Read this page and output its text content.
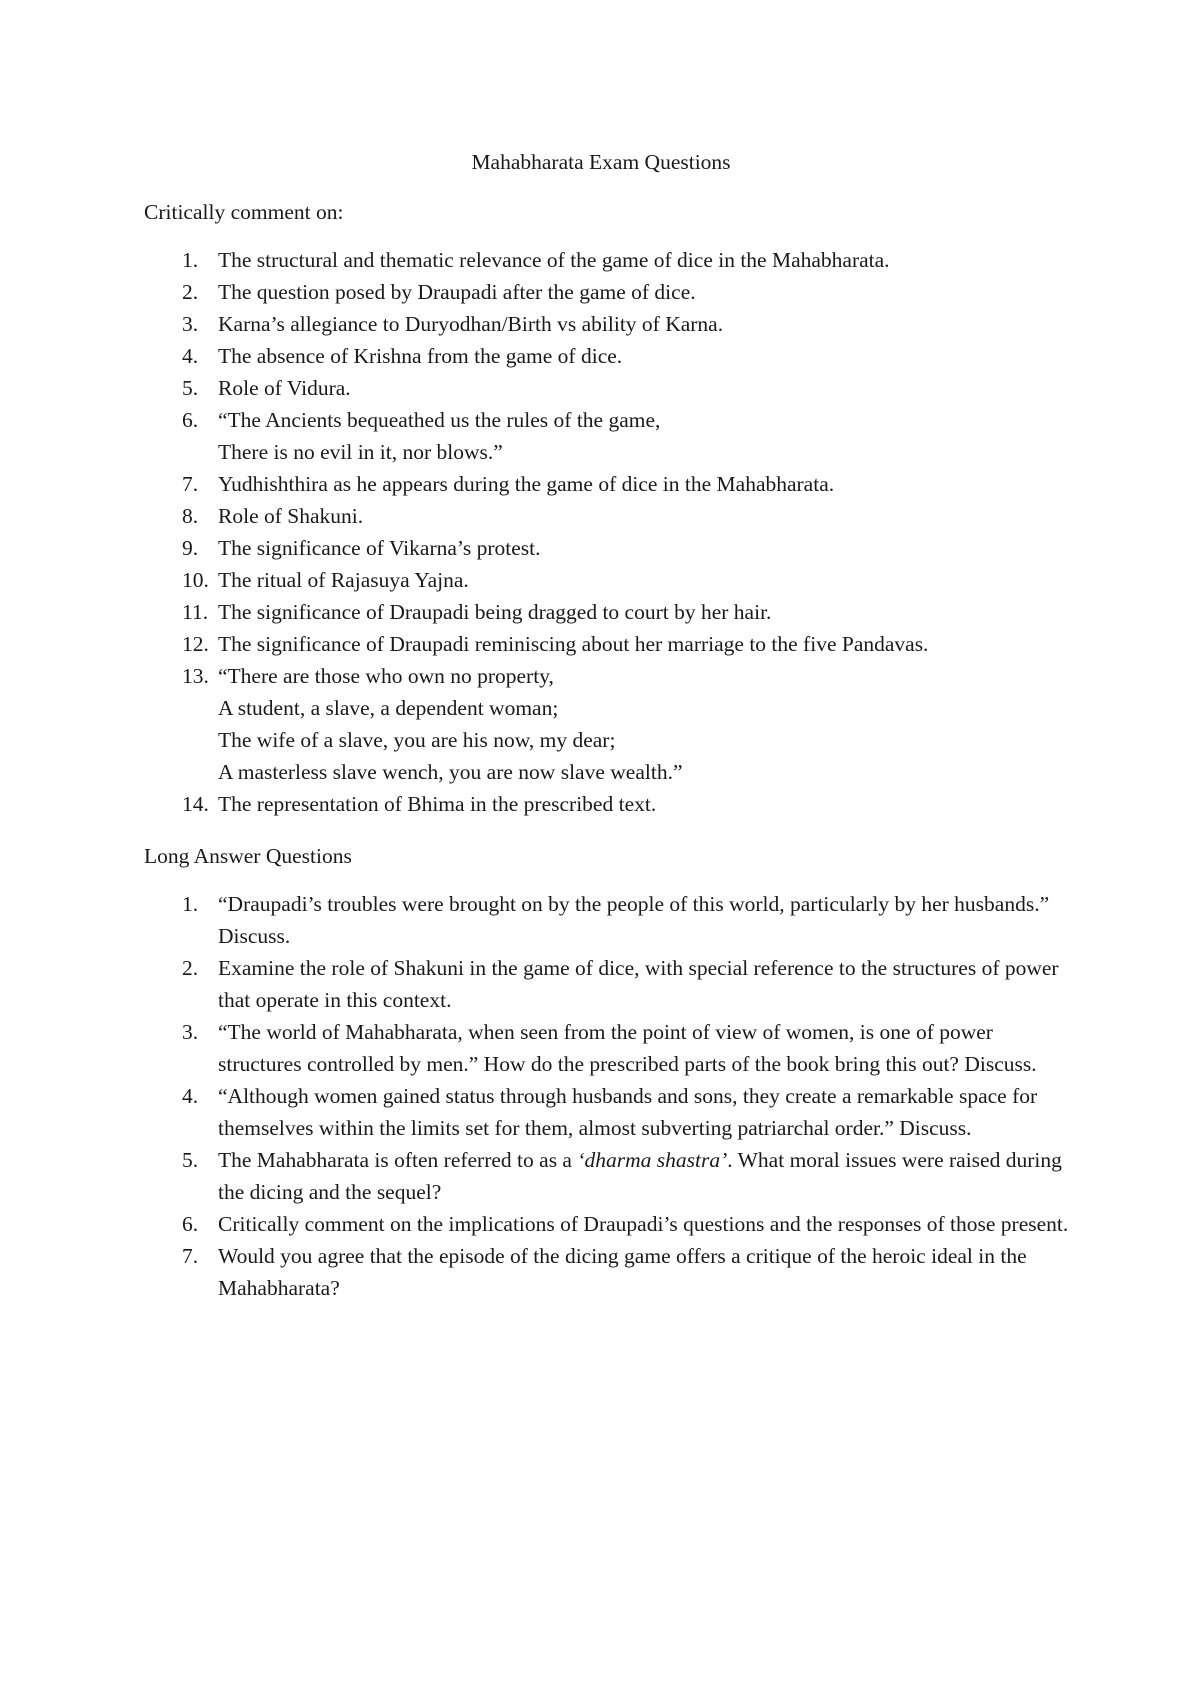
Mahabharata Exam Questions
Critically comment on:
1. The structural and thematic relevance of the game of dice in the Mahabharata.
2. The question posed by Draupadi after the game of dice.
3. Karna’s allegiance to Duryodhan/Birth vs ability of Karna.
4. The absence of Krishna from the game of dice.
5. Role of Vidura.
6. “The Ancients bequeathed us the rules of the game,
There is no evil in it, nor blows.”
7. Yudhishthira as he appears during the game of dice in the Mahabharata.
8. Role of Shakuni.
9. The significance of Vikarna’s protest.
10. The ritual of Rajasuya Yajna.
11. The significance of Draupadi being dragged to court by her hair.
12. The significance of Draupadi reminiscing about her marriage to the five Pandavas.
13. “There are those who own no property,
A student, a slave, a dependent woman;
The wife of a slave, you are his now, my dear;
A masterless slave wench, you are now slave wealth.”
14. The representation of Bhima in the prescribed text.
Long Answer Questions
1. “Draupadi’s troubles were brought on by the people of this world, particularly by her husbands.” Discuss.
2. Examine the role of Shakuni in the game of dice, with special reference to the structures of power that operate in this context.
3. “The world of Mahabharata, when seen from the point of view of women, is one of power structures controlled by men.” How do the prescribed parts of the book bring this out? Discuss.
4. “Although women gained status through husbands and sons, they create a remarkable space for themselves within the limits set for them, almost subverting patriarchal order.” Discuss.
5. The Mahabharata is often referred to as a ‘dharma shastra’. What moral issues were raised during the dicing and the sequel?
6. Critically comment on the implications of Draupadi’s questions and the responses of those present.
7. Would you agree that the episode of the dicing game offers a critique of the heroic ideal in the Mahabharata?
